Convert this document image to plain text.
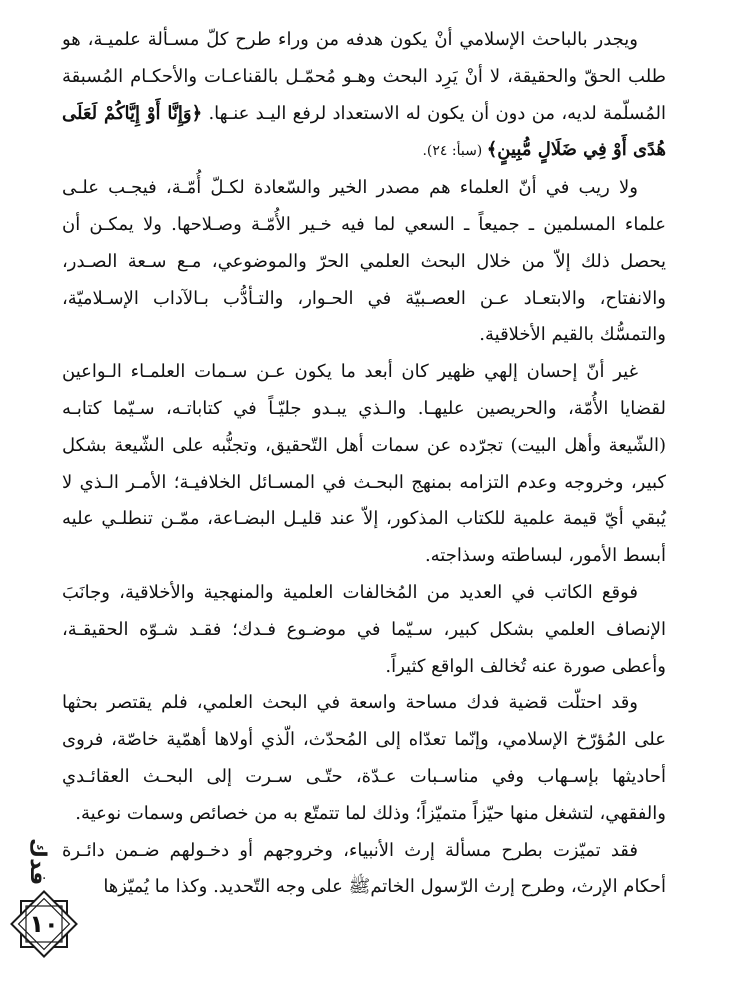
ويجدر بالباحث الإسلامي أنْ يكون هدفه من وراء طرح كلّ مسـألة علميـة، هو طلب الحقّ والحقيقة، لا أنْ يَرِد البحث وهـو مُحمّـل بالقناعـات والأحكـام المُسبقة المُسلّمة لديه، من دون أن يكون له الاستعداد لرفع اليـد عنـها. ﴿وَإِنَّا أَوْ إِيَّاكُمْ لَعَلَى هُدًى أَوْ فِي ضَلَالٍ مُّبِينٍ﴾ (سبأ: ٢٤).

ولا ريب في أنّ العلماء هم مصدر الخير والسّعادة لكـلّ أُمّـة، فيجـب علـى علماء المسلمين ـ جميعاً ـ السعي لما فيه خـير الأُمّـة وصـلاحها. ولا يمكـن أن يحصل ذلك إلاّ من خلال البحث العلمي الحرّ والموضوعي، مـع سـعة الصـدر، والانفتاح، والابتعـاد عـن العصـبيّة في الحـوار، والتـأدُّب بـالآداب الإسـلاميّة، والتمسُّك بالقيم الأخلاقية.

غير أنّ إحسان إلهي ظهير كان أبعد ما يكون عـن سـمات العلمـاء الـواعين لقضايا الأُمّة، والحريصين عليهـا. والـذي يبـدو جليّـاً في كتاباتـه، سـيّما كتابـه (الشّيعة وأهل البيت) تجرّده عن سمات أهل التّحقيق، وتجنُّبه على الشّيعة بشكل كبير، وخروجه وعدم التزامه بمنهج البحـث في المسـائل الخلافيـة؛ الأمـر الـذي لا يُبقي أيّ قيمة علمية للكتاب المذكور، إلاّ عند قليـل البضـاعة، ممّـن تنطلـي عليه أبسط الأمور، لبساطته وسذاجته.

فوقع الكاتب في العديد من المُخالفات العلمية والمنهجية والأخلاقية، وجانَبَ الإنصاف العلمي بشكل كبير، سـيّما في موضـوع فـدك؛ فقـد شـوّه الحقيقـة، وأعطى صورة عنه تُخالف الواقع كثيراً.

وقد احتلّت قضية فدك مساحة واسعة في البحث العلمي، فلم يقتصر بحثها على المُؤرّخ الإسلامي، وإنّما تعدّاه إلى المُحدّث، الّذي أولاها أهمّية خاصّة، فروى أحاديثها بإسـهاب وفي مناسـبات عـدّة، حتّـى سـرت إلى البحـث العقائـدي والفقهي، لتشغل منها حيّزاً متميّزاً؛ وذلك لما تتمتّع به من خصائص وسمات نوعية.

فقد تميّزت بطرح مسألة إرث الأنبياء، وخروجهم أو دخـولهم ضـمن دائـرة أحكام الإرث، وطرح إرث الرّسول الخاتمﷺ على وجه التّحديد. وكذا ما يُميّزها

فدك
١٠
